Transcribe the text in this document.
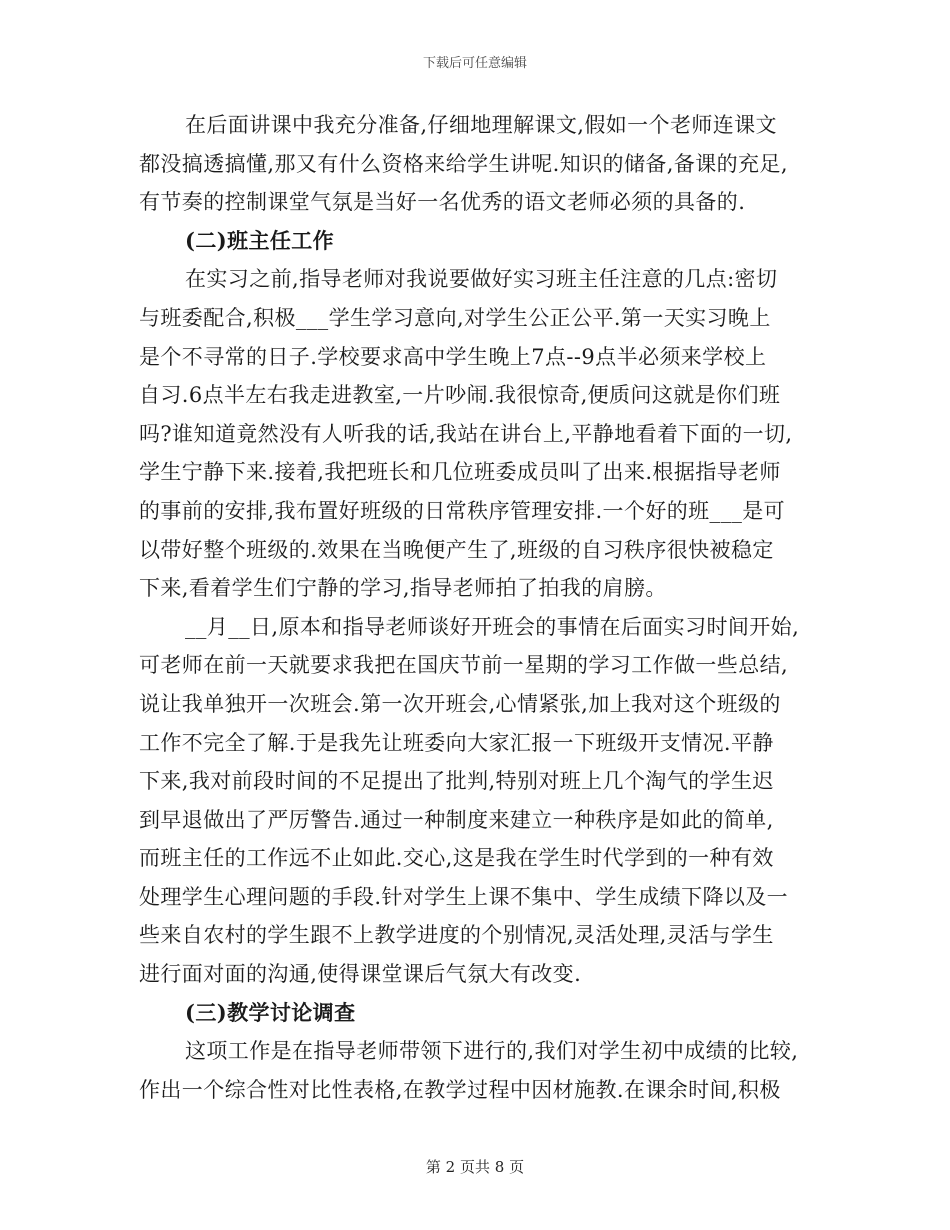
下载后可任意编辑
在后面讲课中我充分准备,仔细地理解课文,假如一个老师连课文
都没搞透搞懂,那又有什么资格来给学生讲呢.知识的储备,备课的充足,
有节奏的控制课堂气氛是当好一名优秀的语文老师必须的具备的.
(二)班主任工作
在实习之前,指导老师对我说要做好实习班主任注意的几点:密切
与班委配合,积极___学生学习意向,对学生公正公平.第一天实习晚上
是个不寻常的日子.学校要求高中学生晚上7点--9点半必须来学校上
自习.6点半左右我走进教室,一片吵闹.我很惊奇,便质问这就是你们班
吗?谁知道竟然没有人听我的话,我站在讲台上,平静地看着下面的一切,
学生宁静下来.接着,我把班长和几位班委成员叫了出来.根据指导老师
的事前的安排,我布置好班级的日常秩序管理安排.一个好的班___是可
以带好整个班级的.效果在当晚便产生了,班级的自习秩序很快被稳定
下来,看着学生们宁静的学习,指导老师拍了拍我的肩膀。
__月__日,原本和指导老师谈好开班会的事情在后面实习时间开始,
可老师在前一天就要求我把在国庆节前一星期的学习工作做一些总结,
说让我单独开一次班会.第一次开班会,心情紧张,加上我对这个班级的
工作不完全了解.于是我先让班委向大家汇报一下班级开支情况.平静
下来,我对前段时间的不足提出了批判,特别对班上几个淘气的学生迟
到早退做出了严厉警告.通过一种制度来建立一种秩序是如此的简单,
而班主任的工作远不止如此.交心,这是我在学生时代学到的一种有效
处理学生心理问题的手段.针对学生上课不集中、学生成绩下降以及一
些来自农村的学生跟不上教学进度的个别情况,灵活处理,灵活与学生
进行面对面的沟通,使得课堂课后气氛大有改变.
(三)教学讨论调查
这项工作是在指导老师带领下进行的,我们对学生初中成绩的比较,
作出一个综合性对比性表格,在教学过程中因材施教.在课余时间,积极
第 2 页共 8 页
